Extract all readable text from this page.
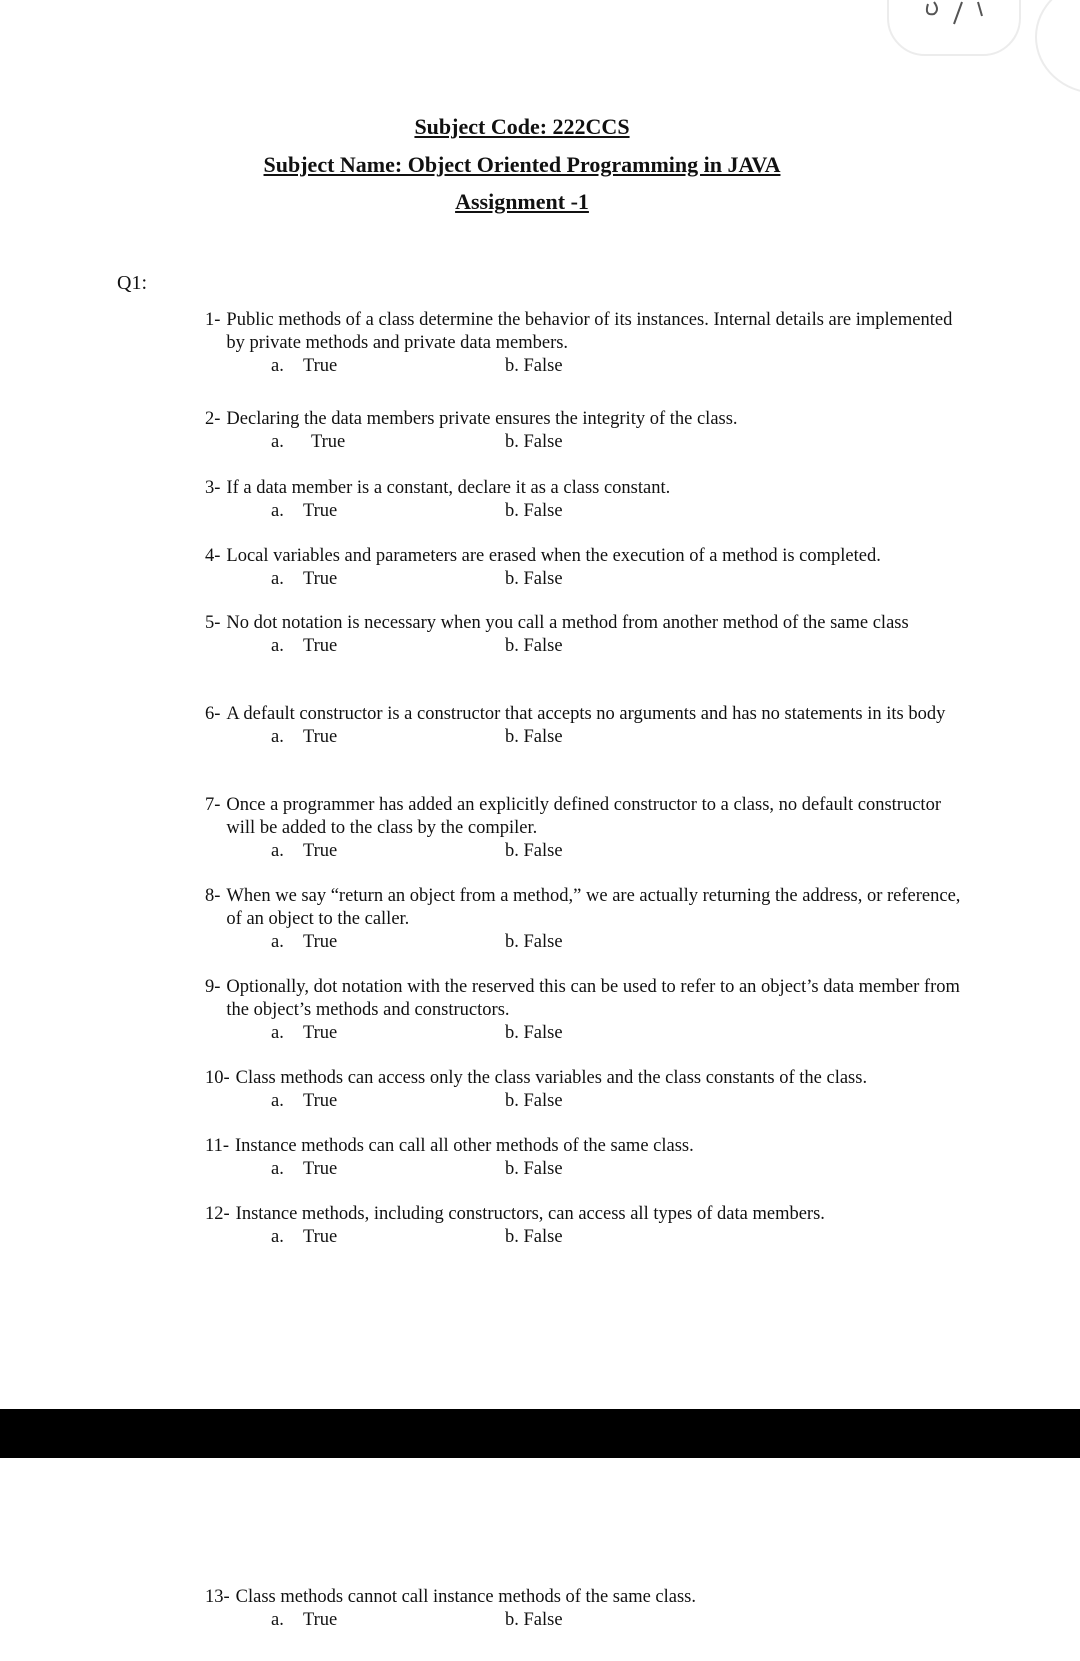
Subject Code: 222CCS
Subject Name: Object Oriented Programming in JAVA
Assignment -1
Q1:
1- Public methods of a class determine the behavior of its instances. Internal details are implemented by private methods and private data members.
a. True	b. False
2- Declaring the data members private ensures the integrity of the class.
a. True	b. False
3- If a data member is a constant, declare it as a class constant.
a. True	b. False
4- Local variables and parameters are erased when the execution of a method is completed.
a. True	b. False
5- No dot notation is necessary when you call a method from another method of the same class
a. True	b. False
6- A default constructor is a constructor that accepts no arguments and has no statements in its body
a. True	b. False
7- Once a programmer has added an explicitly defined constructor to a class, no default constructor will be added to the class by the compiler.
a. True	b. False
8- When we say “return an object from a method,” we are actually returning the address, or reference, of an object to the caller.
a. True	b. False
9- Optionally, dot notation with the reserved this can be used to refer to an object’s data member from the object’s methods and constructors.
a. True	b. False
10- Class methods can access only the class variables and the class constants of the class.
a. True	b. False
11- Instance methods can call all other methods of the same class.
a. True	b. False
12- Instance methods, including constructors, can access all types of data members.
a. True	b. False
13- Class methods cannot call instance methods of the same class.
a. True	b. False
